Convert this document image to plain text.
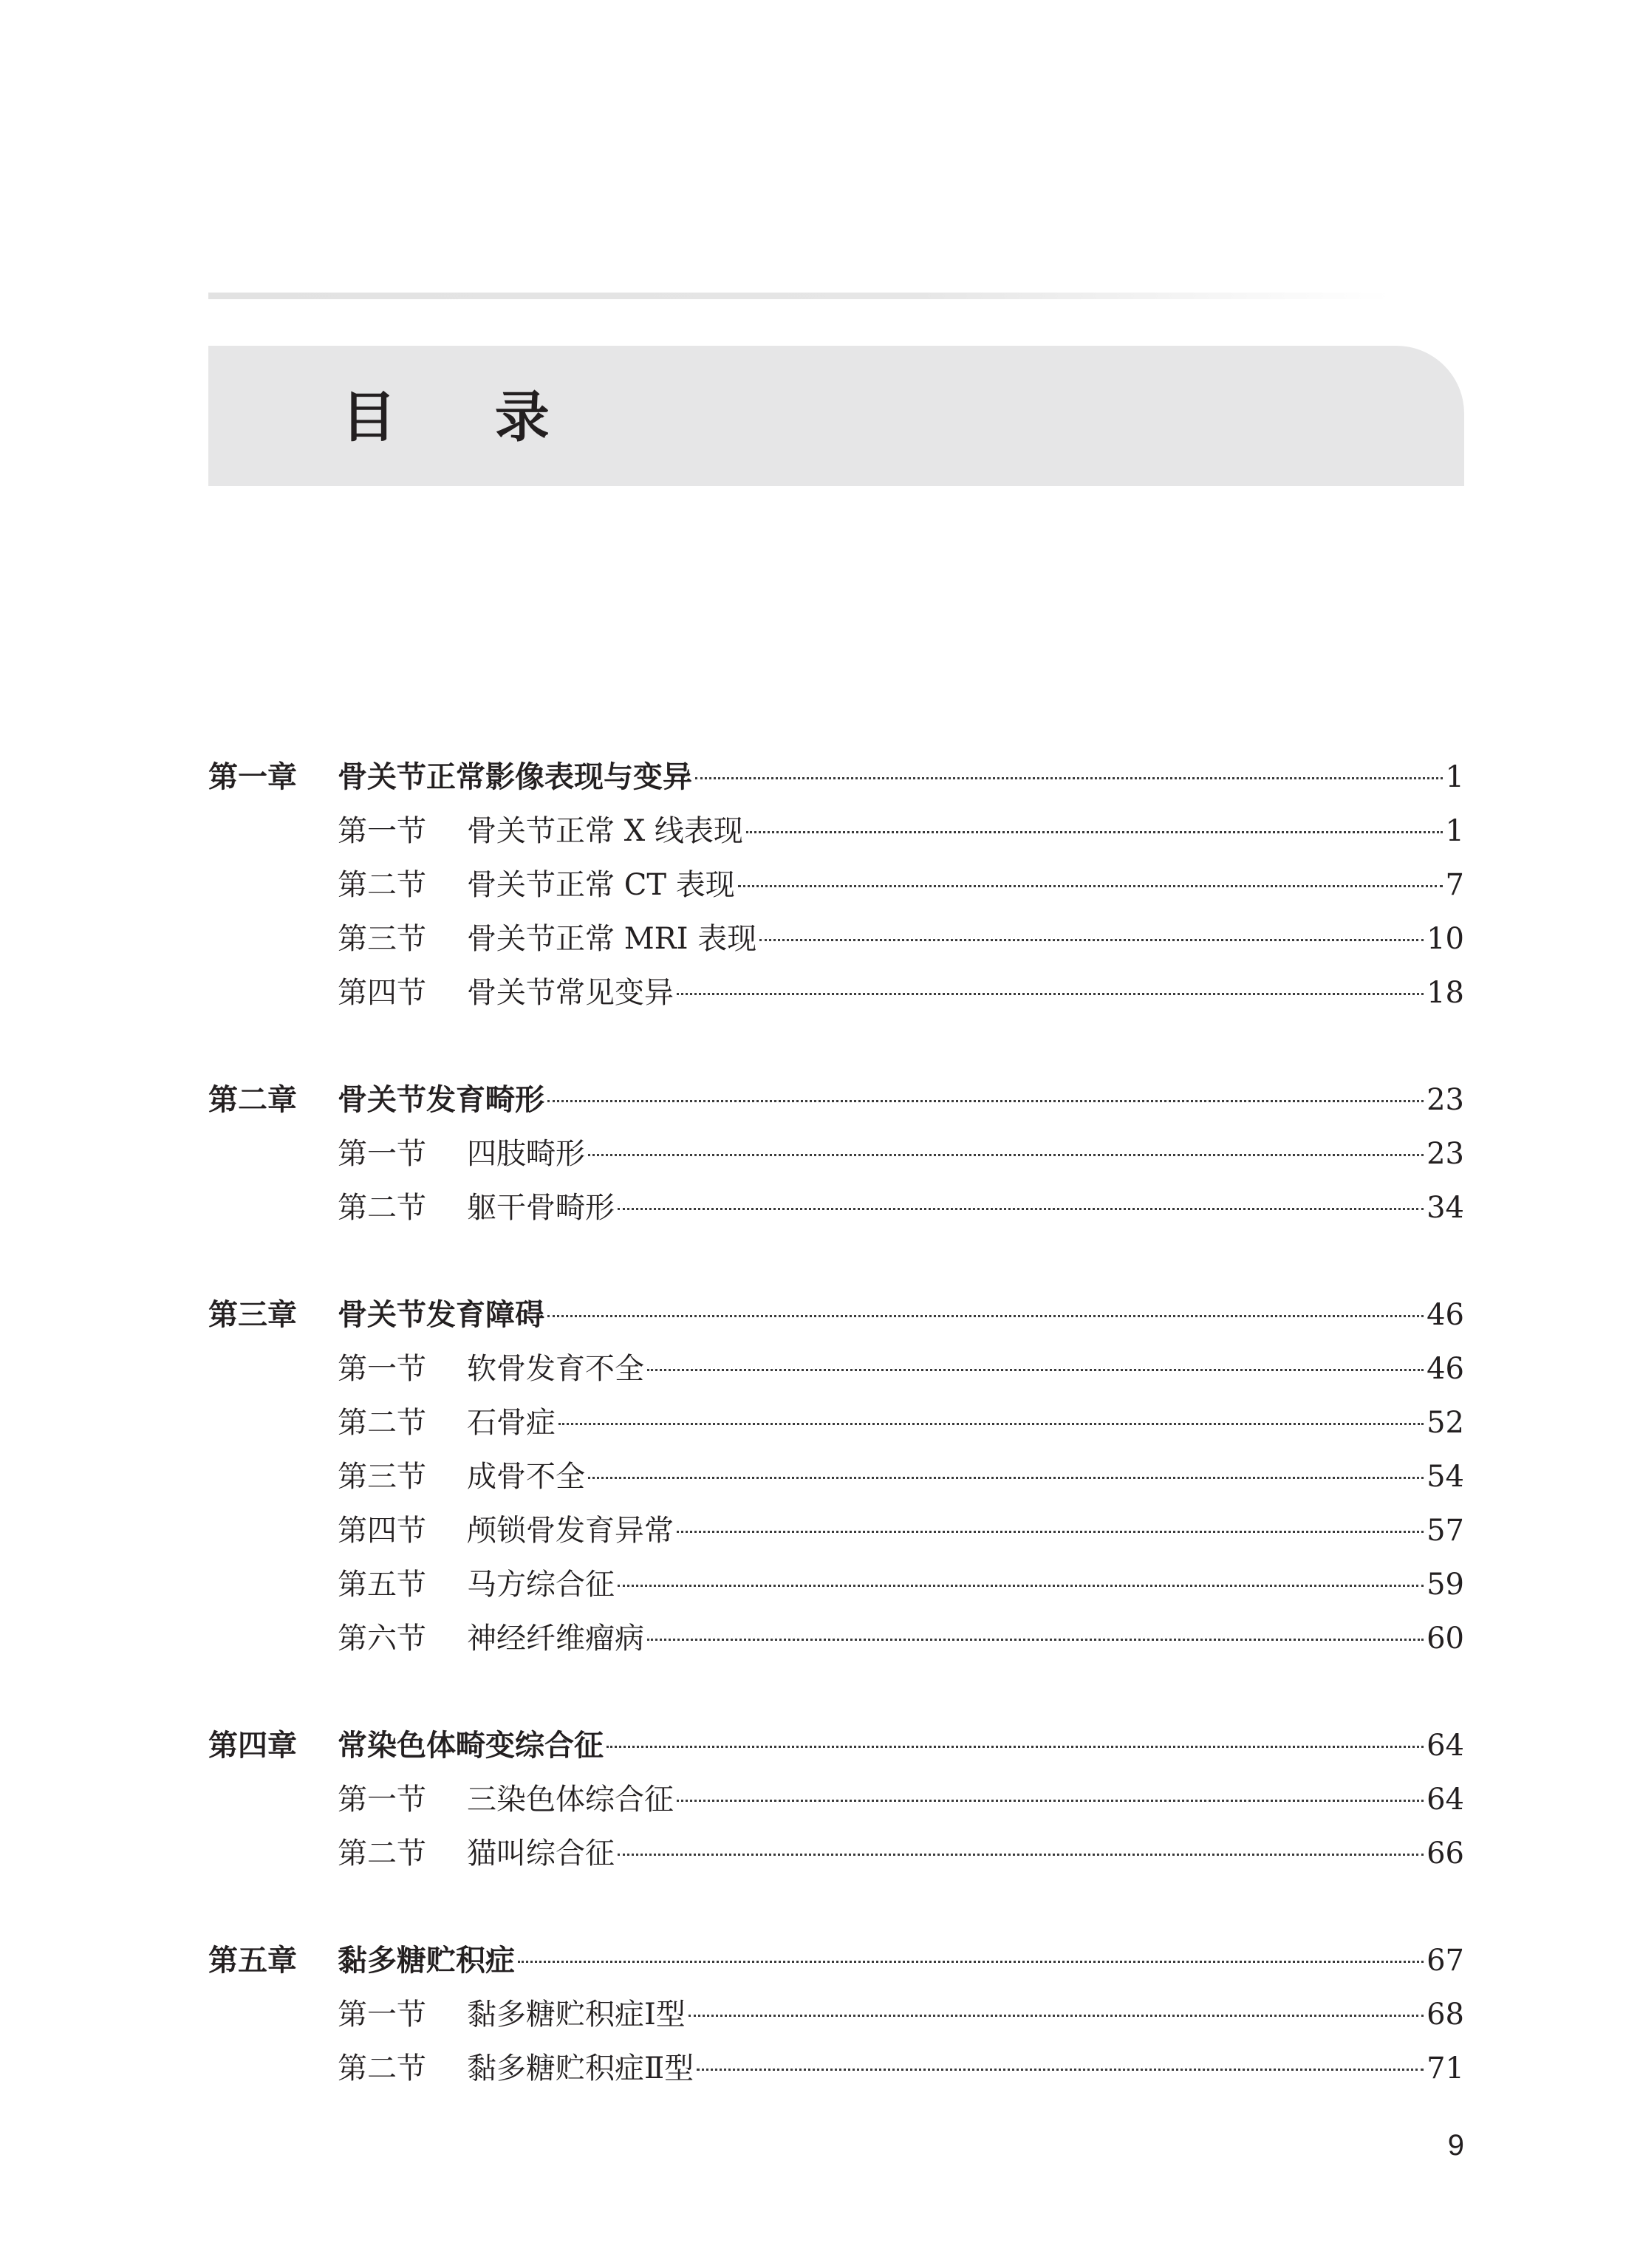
目 录
第一章	骨关节正常影像表现与变异	1
第一节	骨关节正常 X 线表现	1
第二节	骨关节正常 CT 表现	7
第三节	骨关节正常 MRI 表现	10
第四节	骨关节常见变异	18
第二章	骨关节发育畸形	23
第一节	四肢畸形	23
第二节	躯干骨畸形	34
第三章	骨关节发育障碍	46
第一节	软骨发育不全	46
第二节	石骨症	52
第三节	成骨不全	54
第四节	颅锁骨发育异常	57
第五节	马方综合征	59
第六节	神经纤维瘤病	60
第四章	常染色体畸变综合征	64
第一节	三染色体综合征	64
第二节	猫叫综合征	66
第五章	黏多糖贮积症	67
第一节	黏多糖贮积症Ⅰ型	68
第二节	黏多糖贮积症Ⅱ型	71
9
